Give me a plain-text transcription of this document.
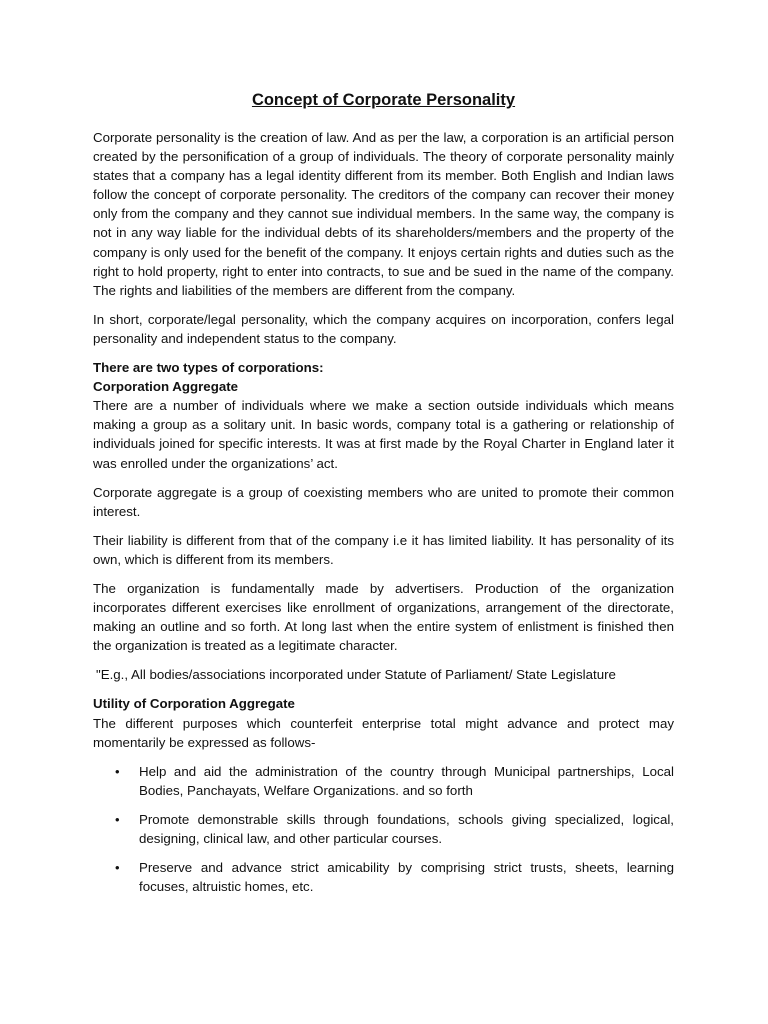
Concept of Corporate Personality

Corporate personality is the creation of law. And as per the law, a corporation is an artificial person created by the personification of a group of individuals. The theory of corporate personality mainly states that a company has a legal identity different from its member. Both English and Indian laws follow the concept of corporate personality. The creditors of the company can recover their money only from the company and they cannot sue individual members. In the same way, the company is not in any way liable for the individual debts of its shareholders/members and the property of the company is only used for the benefit of the company. It enjoys certain rights and duties such as the right to hold property, right to enter into contracts, to sue and be sued in the name of the company. The rights and liabilities of the members are different from the company.

In short, corporate/legal personality, which the company acquires on incorporation, confers legal personality and independent status to the company.

There are two types of corporations:
Corporation Aggregate

There are a number of individuals where we make a section outside individuals which means making a group as a solitary unit. In basic words, company total is a gathering or relationship of individuals joined for specific interests. It was at first made by the Royal Charter in England later it was enrolled under the organizations’ act.

Corporate aggregate is a group of coexisting members who are united to promote their common interest.

Their liability is different from that of the company i.e it has limited liability. It has personality of its own, which is different from its members.

The organization is fundamentally made by advertisers. Production of the organization incorporates different exercises like enrollment of organizations, arrangement of the directorate, making an outline and so forth. At long last when the entire system of enlistment is finished then the organization is treated as a legitimate character.

"E.g., All bodies/associations incorporated under Statute of Parliament/ State Legislature

Utility of Corporation Aggregate

The different purposes which counterfeit enterprise total might advance and protect may momentarily be expressed as follows-

• Help and aid the administration of the country through Municipal partnerships, Local Bodies, Panchayats, Welfare Organizations. and so forth
• Promote demonstrable skills through foundations, schools giving specialized, logical, designing, clinical law, and other particular courses.
• Preserve and advance strict amicability by comprising strict trusts, sheets, learning focuses, altruistic homes, etc.
